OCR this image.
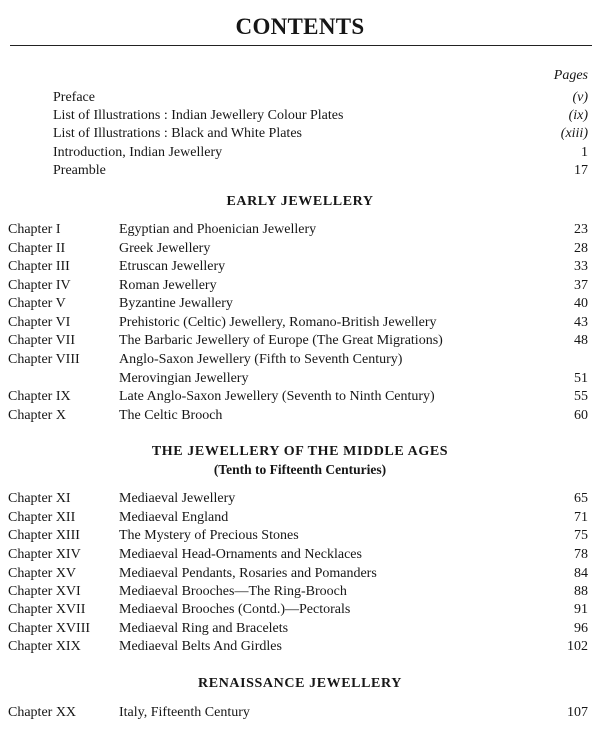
CONTENTS
Pages
Preface	(v)
List of Illustrations : Indian Jewellery Colour Plates	(ix)
List of Illustrations : Black and White Plates	(xiii)
Introduction, Indian Jewellery	1
Preamble	17
EARLY JEWELLERY
Chapter I	Egyptian and Phoenician Jewellery	23
Chapter II	Greek Jewellery	28
Chapter III	Etruscan Jewellery	33
Chapter IV	Roman Jewellery	37
Chapter V	Byzantine Jewallery	40
Chapter VI	Prehistoric (Celtic) Jewellery, Romano-British Jewellery	43
Chapter VII	The Barbaric Jewellery of Europe (The Great Migrations)	48
Chapter VIII	Anglo-Saxon Jewellery (Fifth to Seventh Century)
Merovingian Jewellery	51
Chapter IX	Late Anglo-Saxon Jewellery (Seventh to Ninth Century)	55
Chapter X	The Celtic Brooch	60
THE JEWELLERY OF THE MIDDLE AGES
(Tenth to Fifteenth Centuries)
Chapter XI	Mediaeval Jewellery	65
Chapter XII	Mediaeval England	71
Chapter XIII	The Mystery of Precious Stones	75
Chapter XIV	Mediaeval Head-Ornaments and Necklaces	78
Chapter XV	Mediaeval Pendants, Rosaries and Pomanders	84
Chapter XVI	Mediaeval Brooches—The Ring-Brooch	88
Chapter XVII Mediaeval Brooches (Contd.)—Pectorals	91
Chapter XVIII Mediaeval Ring and Bracelets	96
Chapter XIX	Mediaeval Belts And Girdles	102
RENAISSANCE JEWELLERY
Chapter XX	Italy, Fifteenth Century	107
